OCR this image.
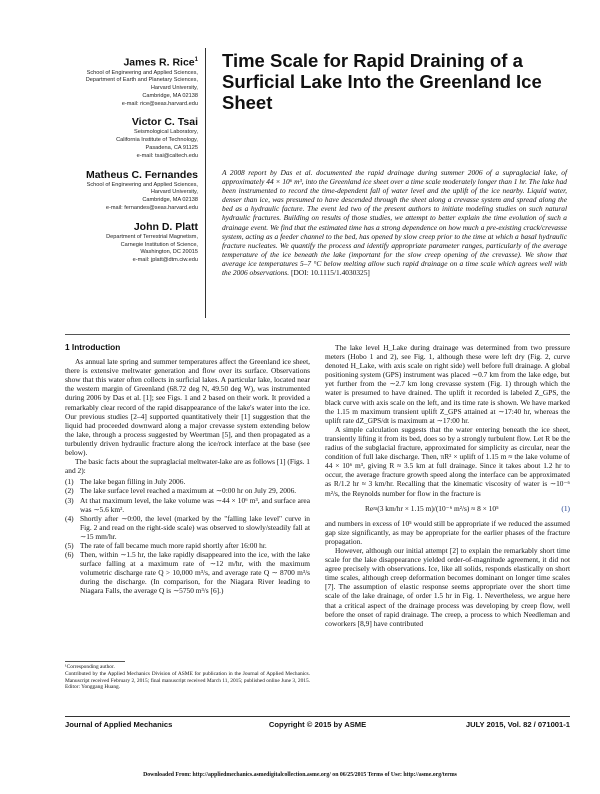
James R. Rice$^1$
School of Engineering and Applied Sciences,
Department of Earth and Planetary Sciences,
Harvard University,
Cambridge, MA 02138
e-mail: rice@seas.harvard.edu
Victor C. Tsai
Seismological Laboratory,
California Institute of Technology,
Pasadena, CA 91125
e-mail: tsai@caltech.edu
Matheus C. Fernandes
School of Engineering and Applied Sciences,
Harvard University,
Cambridge, MA 02138
e-mail: fernandes@seas.harvard.edu
John D. Platt
Department of Terrestrial Magnetism,
Carnegie Institution of Science,
Washington, DC 20015
e-mail: jplatt@dtm.ciw.edu
Time Scale for Rapid Draining of a Surficial Lake Into the Greenland Ice Sheet
A 2008 report by Das et al. documented the rapid drainage during summer 2006 of a supraglacial lake, of approximately 44 × 10⁶ m³, into the Greenland ice sheet over a time scale moderately longer than 1 hr. The lake had been instrumented to record the time-dependent fall of water level and the uplift of the ice nearby. Liquid water, denser than ice, was presumed to have descended through the sheet along a crevasse system and spread along the bed as a hydraulic facture. The event led two of the present authors to initiate modeling studies on such natural hydraulic fractures. Building on results of those studies, we attempt to better explain the time evolution of such a drainage event. We find that the estimated time has a strong dependence on how much a pre-existing crack/crevasse system, acting as a feeder channel to the bed, has opened by slow creep prior to the time at which a basal hydraulic fracture nucleates. We quantify the process and identify appropriate parameter ranges, particularly of the average temperature of the ice beneath the lake (important for the slow creep opening of the crevasse). We show that average ice temperatures 5–7 °C below melting allow such rapid drainage on a time scale which agrees well with the 2006 observations. [DOI: 10.1115/1.4030325]
1 Introduction

As annual late spring and summer temperatures affect the Greenland ice sheet, there is extensive meltwater generation and flow over its surface. Observations show that this water often collects in surficial lakes. A particular lake, located near the western margin of Greenland (68.72 deg N, 49.50 deg W), was instrumented during 2006 by Das et al. [1]; see Figs. 1 and 2 based on their work. It provided a remarkably clear record of the rapid disappearance of the lake's water into the ice. Our previous studies [2–4] supported quantitatively their [1] suggestion that the liquid had proceeded downward along a major crevasse system extending below the lake, through a process suggested by Weertman [5], and then propagated as a turbulently driven hydraulic fracture along the ice/rock interface at the base (see below).

The basic facts about the supraglacial meltwater-lake are as follows [1] (Figs. 1 and 2):

(1) The lake began filling in July 2006.
(2) The lake surface level reached a maximum at ∼0:00 hr on July 29, 2006.
(3) At that maximum level, the lake volume was ∼44 × 10⁶ m³, and surface area was ∼5.6 km².
(4) Shortly after ∼0:00, the level (marked by the "falling lake level" curve in Fig. 2 and read on the right-side scale) was observed to slowly/steadily fall at ∼15 mm/hr.
(5) The rate of fall became much more rapid shortly after 16:00 hr.
(6) Then, within ∼1.5 hr, the lake rapidly disappeared into the ice, with the lake surface falling at a maximum rate of ∼12 m/hr, with the maximum volumetric discharge rate Q > 10,000 m³/s, and average rate Q ∼ 8700 m³/s during the discharge. (In comparison, for the Niagara River leading to Niagara Falls, the average Q is ∼5750 m³/s [6].)

The lake level H_Lake during drainage was determined from two pressure meters (Hobo 1 and 2), see Fig. 1, although these were left dry (Fig. 2, curve denoted H_Lake, with axis scale on right side) well before full drainage. A global positioning system (GPS) instrument was placed ∼0.7 km from the lake edge, but yet further from the ∼2.7 km long crevasse system (Fig. 1) through which the water is presumed to have drained. The uplift it recorded is labeled Z_GPS, the black curve with axis scale on the left, and its time rate is shown. We have marked the 1.15 m maximum transient uplift Z_GPS attained at ∼17:40 hr, whereas the uplift rate dZ_GPS/dt is maximum at ∼17:00 hr.

A simple calculation suggests that the water entering beneath the ice sheet, transiently lifting it from its bed, does so by a strongly turbulent flow. Let R be the radius of the subglacial fracture, approximated for simplicity as circular, near the condition of full lake discharge. Then, πR² × uplift of 1.15 m ≈ the lake volume of 44 × 10⁶ m³, giving R ≈ 3.5 km at full drainage. Since it takes about 1.2 hr to occur, the average fracture growth speed along the interface can be approximated as R/1.2 hr ≈ 3 km/hr. Recalling that the kinematic viscosity of water is ∼10⁻⁶ m²/s, the Reynolds number for flow in the fracture is

Re≈(3 km/hr × 1.15 m)/(10⁻⁶ m²/s) ≈ 8 × 10⁵	(1)

and numbers in excess of 10⁵ would still be appropriate if we reduced the assumed gap size significantly, as may be appropriate for the earlier phases of the fracture propagation.

However, although our initial attempt [2] to explain the remarkably short time scale for the lake disappearance yielded order-of-magnitude agreement, it did not agree precisely with observations. Ice, like all solids, responds elastically on short time scales, although creep deformation becomes dominant on longer time scales [7]. The assumption of elastic response seems appropriate over the short time scale of the lake drainage, of order 1.5 hr in Fig. 1. Nevertheless, we argue here that a critical aspect of the drainage process was developing by creep flow, well before the onset of rapid drainage. The creep, a process to which Needleman and coworkers [8,9] have contributed

¹Corresponding author.
Contributed by the Applied Mechanics Division of ASME for publication in the Journal of Applied Mechanics. Manuscript received February 2, 2015; final manuscript received March 11, 2015; published online June 3, 2015. Editor: Yonggang Huang.
Journal of Applied Mechanics	Copyright © 2015 by ASME	JULY 2015, Vol. 82 / 071001-1
Downloaded From: http://appliedmechanics.asmedigitalcollection.asme.org/ on 06/25/2015 Terms of Use: http://asme.org/terms
